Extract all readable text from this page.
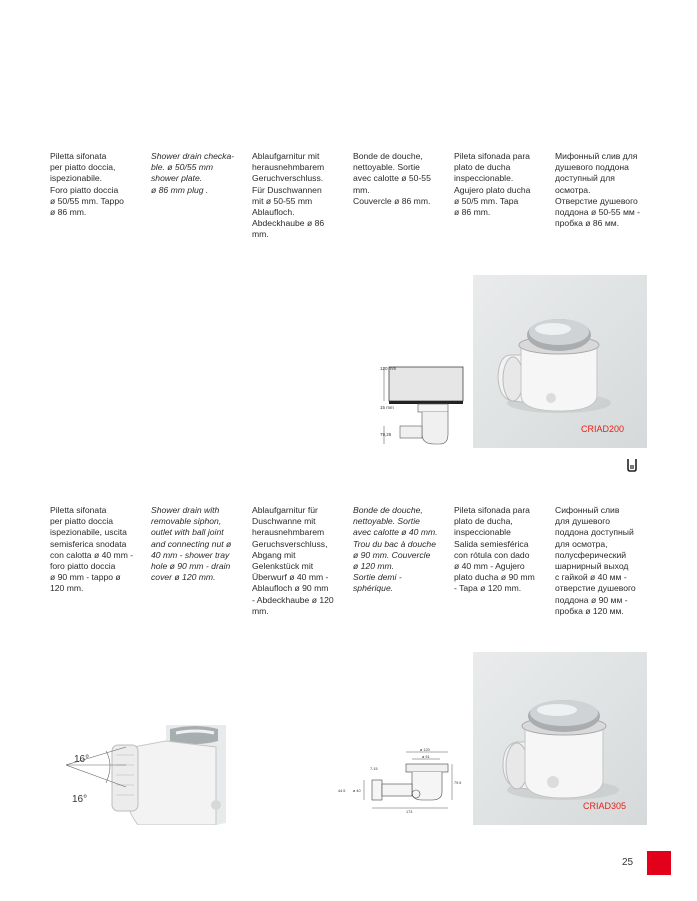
Piletta sifonata
per piatto doccia,
ispezionabile.
Foro piatto doccia
ø 50/55 mm. Tappo
ø 86 mm.
Shower drain checka-
ble. ø 50/55 mm
shower plate.
ø 86 mm plug .
Ablaufgarnitur mit
herausnehmbarem
Geruchverschluss.
Für Duschwannen
mit ø 50-55 mm
Ablaufloch.
Abdeckhaube ø 86
mm.
Bonde de douche,
nettoyable. Sortie
avec calotte ø 50-55
mm.
Couvercle ø 86 mm.
Pileta sifonada para
plato de ducha
inspeccionable.
Agujero plato ducha
ø 50/5 mm. Tapa
ø 86 mm.
Мифонный слив для
душевого поддона
доступный для
осмотра.
Отверстие душевого
поддона ø 50-55 мм -
пробка ø 86 мм.
120 mm
15 mm
79,25
CRIAD200
Piletta sifonata
per piatto doccia
ispezionabile, uscita
semisferica snodata
con calotta ø 40 mm -
foro piatto doccia
ø 90 mm - tappo ø
120 mm.
Shower drain with
removable siphon,
outlet with ball joint
and connecting nut ø
40 mm - shower tray
hole ø 90 mm - drain
cover ø 120 mm.
Ablaufgarnitur für
Duschwanne mit
herausnehmbarem
Geruchsverschluss,
Abgang mit
Gelenkstück mit
Überwurf ø 40 mm -
Ablaufloch ø 90 mm
- Abdeckhaube ø 120
mm.
Bonde de douche,
nettoyable. Sortie
avec calotte ø 40 mm.
Trou du bac à douche
ø 90 mm. Couvercle
ø 120 mm.
Sortie demi -
sphérique.
Pileta sifonada para
plato de ducha,
inspeccionable
Salida semiesférica
con rótula con dado
ø 40 mm - Agujero
plato ducha ø 90 mm
- Tapa ø 120 mm.
Сифонный слив
для душевого
поддона доступный
для осмотра,
полусферический
шарнирный выход
с гайкой ø 40 мм -
отверстие душевого
поддона ø 90 мм -
пробка ø 120 мм.
16°
16°
ø 120
ø 91
7-15
44.5 ø 40
79.5
173
CRIAD305
25
